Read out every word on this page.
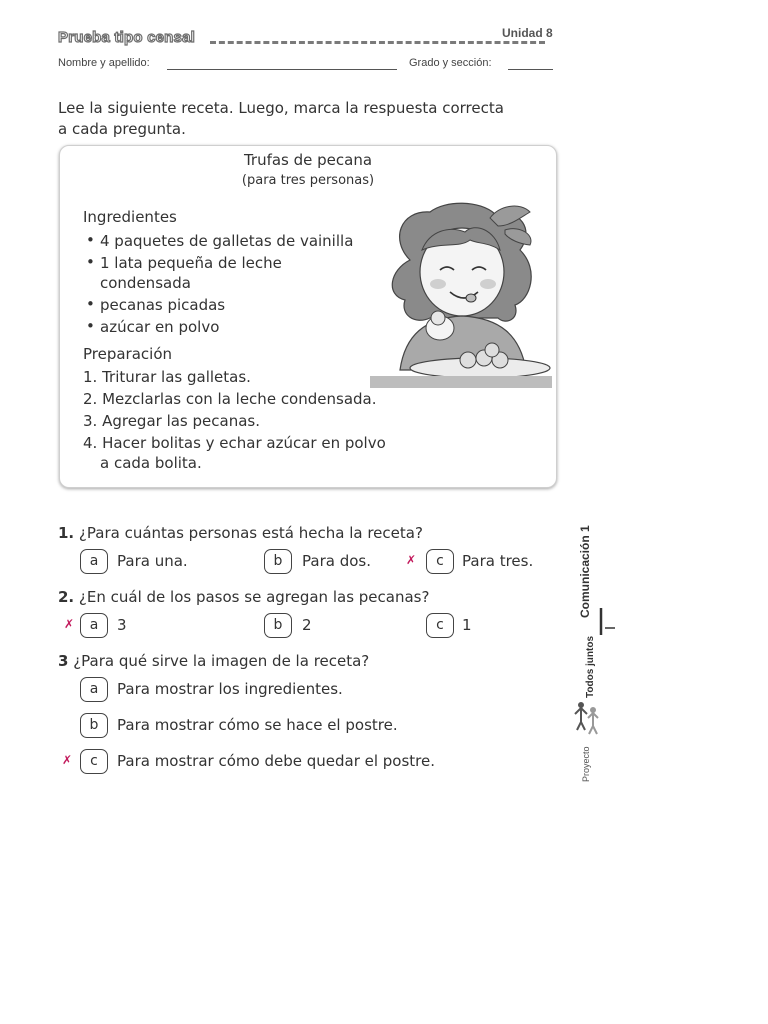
Prueba tipo censal	Unidad 8
Nombre y apellido:	Grado y sección:
Lee la siguiente receta. Luego, marca la respuesta correcta
a cada pregunta.
Trufas de pecana
(para tres personas)
Ingredientes
• 4 paquetes de galletas de vainilla
• 1 lata pequeña de leche
condensada
• pecanas picadas
• azúcar en polvo
Preparación
1. Triturar las galletas.
2. Mezclarlas con la leche condensada.
3. Agregar las pecanas.
4. Hacer bolitas y echar azúcar en polvo
a cada bolita.
1. ¿Para cuántas personas está hecha la receta?
a	Para una.	b	Para dos.	✗	c	Para tres.
2. ¿En cuál de los pasos se agregan las pecanas?
✗	a	3	b	2	c	1
3 ¿Para qué sirve la imagen de la receta?
a	Para mostrar los ingredientes.
b	Para mostrar cómo se hace el postre.
✗	c	Para mostrar cómo debe quedar el postre.
Comunicación 1
Todos juntos
Proyecto
